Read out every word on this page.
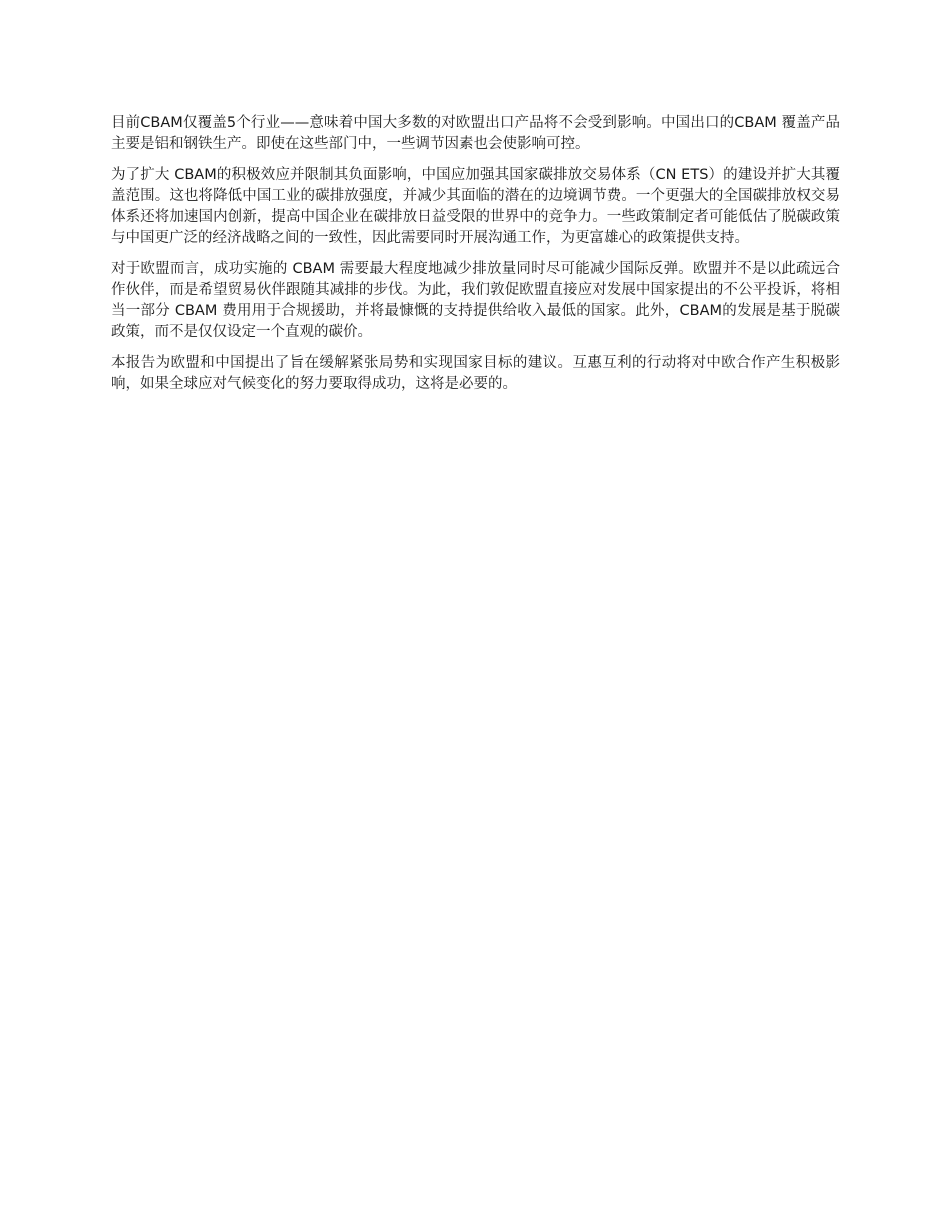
目前CBAM仅覆盖5个行业——意味着中国大多数的对欧盟出口产品将不会受到影响。中国出口的CBAM 覆盖产品主要是铝和钢铁生产。即使在这些部门中，一些调节因素也会使影响可控。

为了扩大 CBAM的积极效应并限制其负面影响，中国应加强其国家碳排放交易体系（CN ETS）的建设并扩大其覆盖范围。这也将降低中国工业的碳排放强度，并减少其面临的潜在的边境调节费。一个更强大的全国碳排放权交易体系还将加速国内创新，提高中国企业在碳排放日益受限的世界中的竞争力。一些政策制定者可能低估了脱碳政策与中国更广泛的经济战略之间的一致性，因此需要同时开展沟通工作，为更富雄心的政策提供支持。

对于欧盟而言，成功实施的 CBAM 需要最大程度地减少排放量同时尽可能减少国际反弹。欧盟并不是以此疏远合作伙伴，而是希望贸易伙伴跟随其减排的步伐。为此，我们敦促欧盟直接应对发展中国家提出的不公平投诉，将相当一部分 CBAM 费用用于合规援助，并将最慷慨的支持提供给收入最低的国家。此外，CBAM的发展是基于脱碳政策，而不是仅仅设定一个直观的碳价。

本报告为欧盟和中国提出了旨在缓解紧张局势和实现国家目标的建议。互惠互利的行动将对中欧合作产生积极影响，如果全球应对气候变化的努力要取得成功，这将是必要的。
